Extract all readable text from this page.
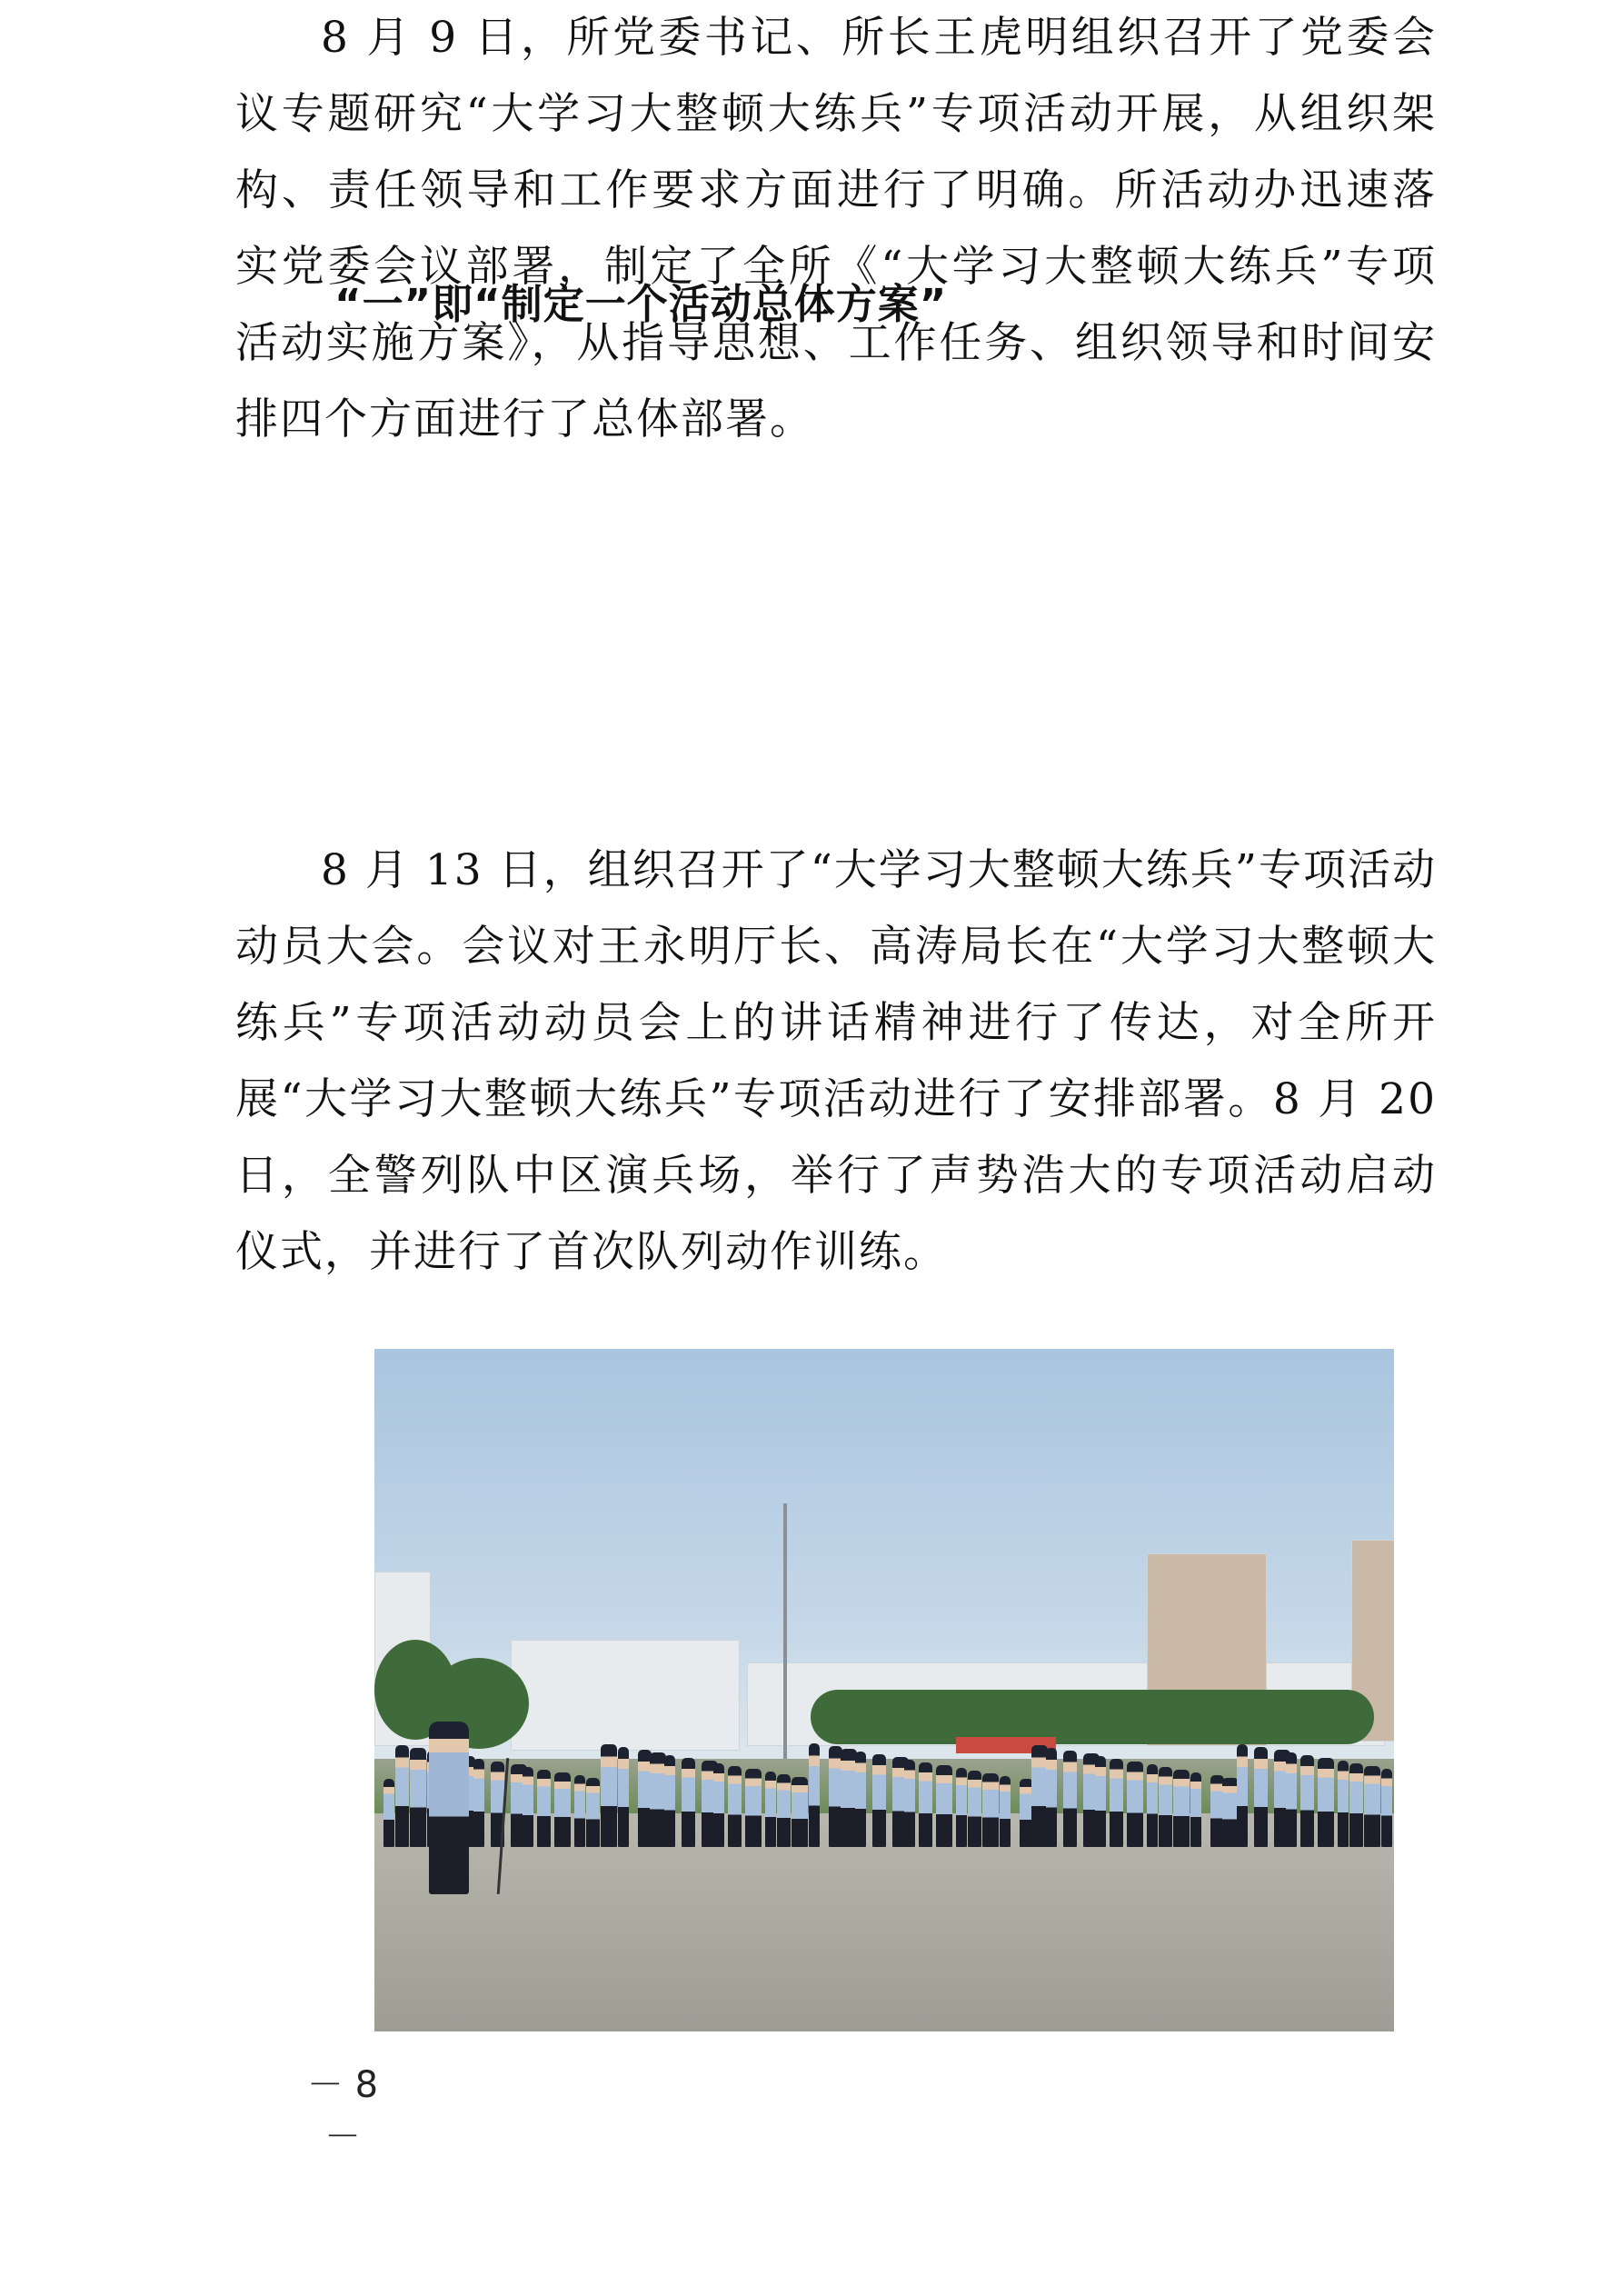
“一”即“制定一个活动总体方案”

8 月 9 日，所党委书记、所长王虎明组织召开了党委会议专题研究“大学习大整顿大练兵”专项活动开展，从组织架构、责任领导和工作要求方面进行了明确。所活动办迅速落实党委会议部署，制定了全所《“大学习大整顿大练兵”专项活动实施方案》，从指导思想、工作任务、组织领导和时间安排四个方面进行了总体部署。

8 月 13 日，组织召开了“大学习大整顿大练兵”专项活动动员大会。会议对王永明厅长、高涛局长在“大学习大整顿大练兵”专项活动动员会上的讲话精神进行了传达，对全所开展“大学习大整顿大练兵”专项活动进行了安排部署。8 月 20 日，全警列队中区演兵场，举行了声势浩大的专项活动启动仪式，并进行了首次队列动作训练。

－ 8 －
